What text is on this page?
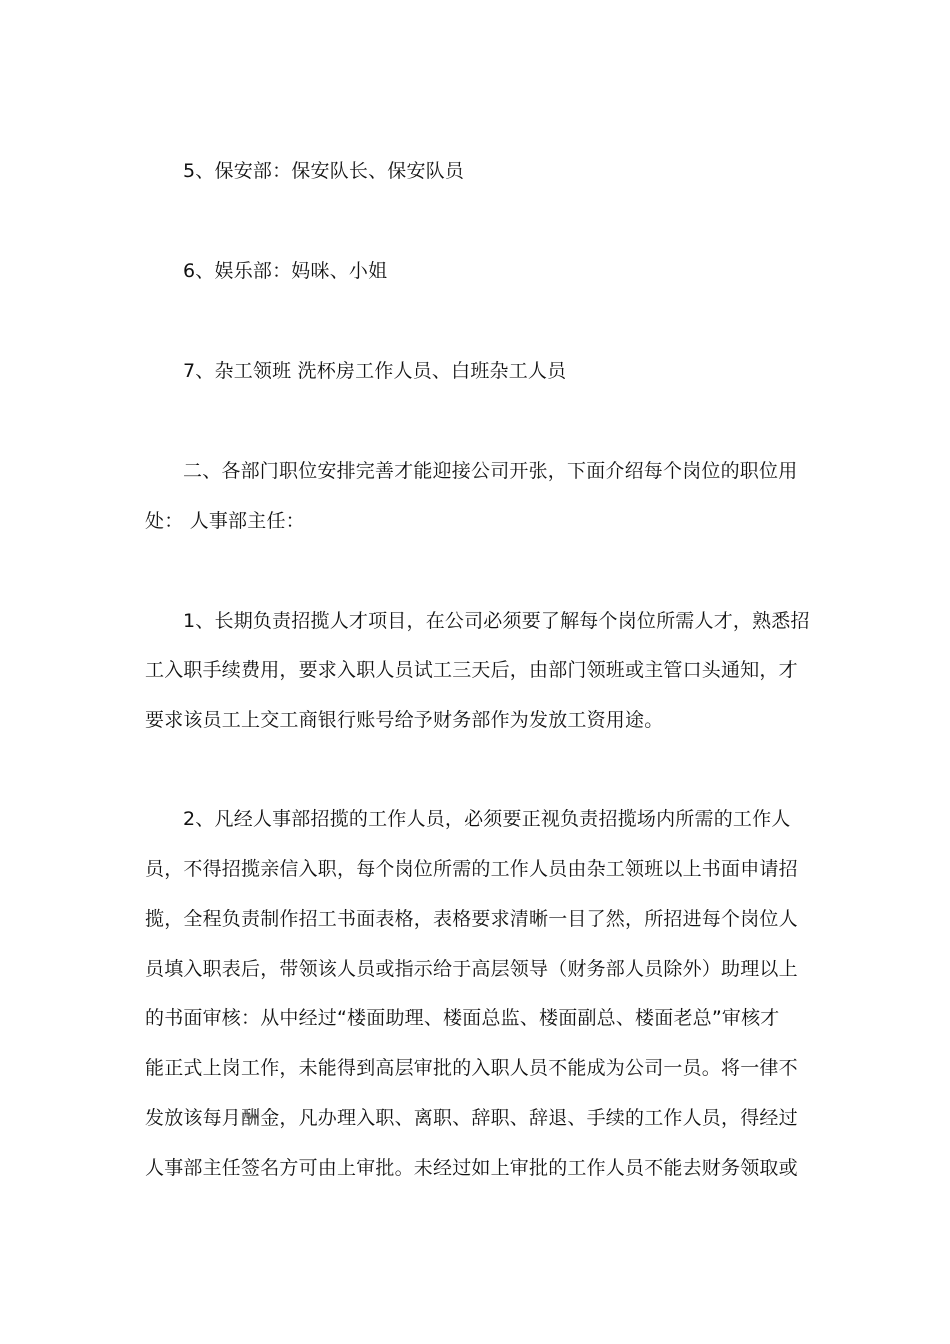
5、保安部：保安队长、保安队员
6、娱乐部：妈咪、小姐
7、杂工领班 洗杯房工作人员、白班杂工人员
二、各部门职位安排完善才能迎接公司开张，下面介绍每个岗位的职位用
处： 人事部主任：
1、长期负责招揽人才项目，在公司必须要了解每个岗位所需人才，熟悉招
工入职手续费用，要求入职人员试工三天后，由部门领班或主管口头通知，才
要求该员工上交工商银行账号给予财务部作为发放工资用途。
2、凡经人事部招揽的工作人员，必须要正视负责招揽场内所需的工作人
员，不得招揽亲信入职，每个岗位所需的工作人员由杂工领班以上书面申请招
揽，全程负责制作招工书面表格，表格要求清晰一目了然，所招进每个岗位人
员填入职表后，带领该人员或指示给于高层领导（财务部人员除外）助理以上
的书面审核：从中经过“楼面助理、楼面总监、楼面副总、楼面老总”审核才
能正式上岗工作，未能得到高层审批的入职人员不能成为公司一员。将一律不
发放该每月酬金，凡办理入职、离职、辞职、辞退、手续的工作人员，得经过
人事部主任签名方可由上审批。未经过如上审批的工作人员不能去财务领取或
